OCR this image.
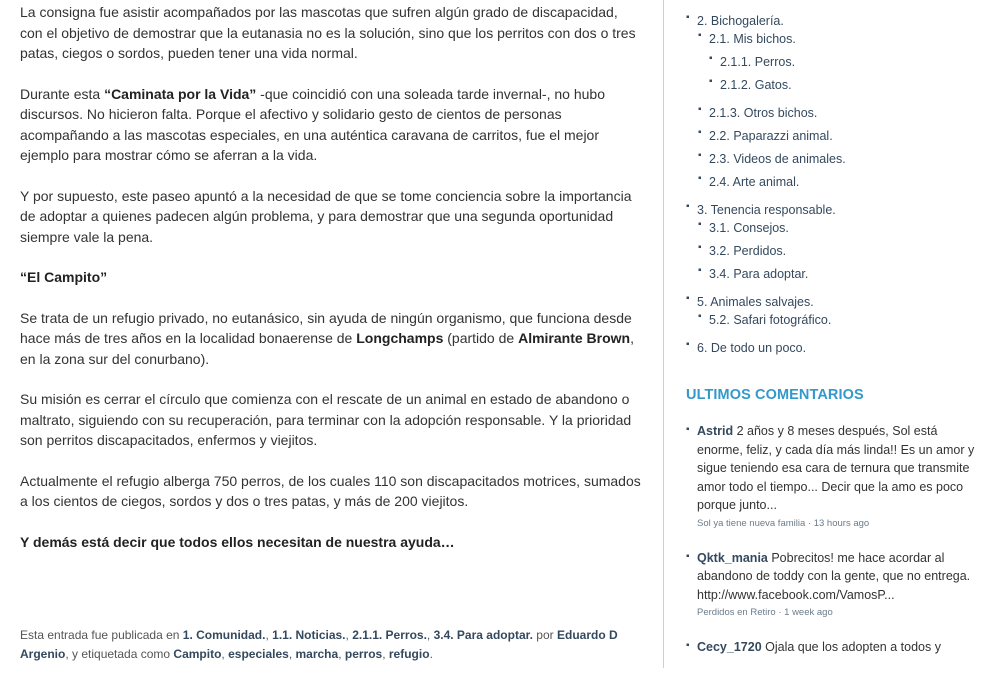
La consigna fue asistir acompañados por las mascotas que sufren algún grado de discapacidad, con el objetivo de demostrar que la eutanasia no es la solución, sino que los perritos con dos o tres patas, ciegos o sordos, pueden tener una vida normal.

Durante esta “Caminata por la Vida” -que coincidió con una soleada tarde invernal-, no hubo discursos. No hicieron falta. Porque el afectivo y solidario gesto de cientos de personas acompañando a las mascotas especiales, en una auténtica caravana de carritos, fue el mejor ejemplo para mostrar cómo se aferran a la vida.

Y por supuesto, este paseo apuntó a la necesidad de que se tome conciencia sobre la importancia de adoptar a quienes padecen algún problema, y para demostrar que una segunda oportunidad siempre vale la pena.

“El Campito”

Se trata de un refugio privado, no eutanásico, sin ayuda de ningún organismo, que funciona desde hace más de tres años en la localidad bonaerense de Longchamps (partido de Almirante Brown, en la zona sur del conurbano).

Su misión es cerrar el círculo que comienza con el rescate de un animal en estado de abandono o maltrato, siguiendo con su recuperación, para terminar con la adopción responsable. Y la prioridad son perritos discapacitados, enfermos y viejitos.

Actualmente el refugio alberga 750 perros, de los cuales 110 son discapacitados motrices, sumados a los cientos de ciegos, sordos y dos o tres patas, y más de 200 viejitos.

Y demás está decir que todos ellos necesitan de nuestra ayuda…

Esta entrada fue publicada en 1. Comunidad., 1.1. Noticias., 2.1.1. Perros., 3.4. Para adoptar. por Eduardo D Argenio, y etiquetada como Campito, especiales, marcha, perros, refugio.
▪ 2. Bichogalería.
▪ 2.1. Mis bichos.
▪ 2.1.1. Perros.
▪ 2.1.2. Gatos.
▪ 2.1.3. Otros bichos.
▪ 2.2. Paparazzi animal.
▪ 2.3. Videos de animales.
▪ 2.4. Arte animal.
▪ 3. Tenencia responsable.
▪ 3.1. Consejos.
▪ 3.2. Perdidos.
▪ 3.4. Para adoptar.
▪ 5. Animales salvajes.
▪ 5.2. Safari fotográfico.
▪ 6. De todo un poco.
ULTIMOS COMENTARIOS
▪ Astrid 2 años y 8 meses después, Sol está enorme, feliz, y cada día más linda!! Es un amor y sigue teniendo esa cara de ternura que transmite amor todo el tiempo... Decir que la amo es poco porque junto...
Sol ya tiene nueva familia · 13 hours ago
▪ Qktk_mania Pobrecitos! me hace acordar al abandono de toddy con la gente, que no entrega. http://www.facebook.com/VamosP...
Perdidos en Retiro · 1 week ago
▪ Cecy_1720 Ojala que los adopten a todos y
